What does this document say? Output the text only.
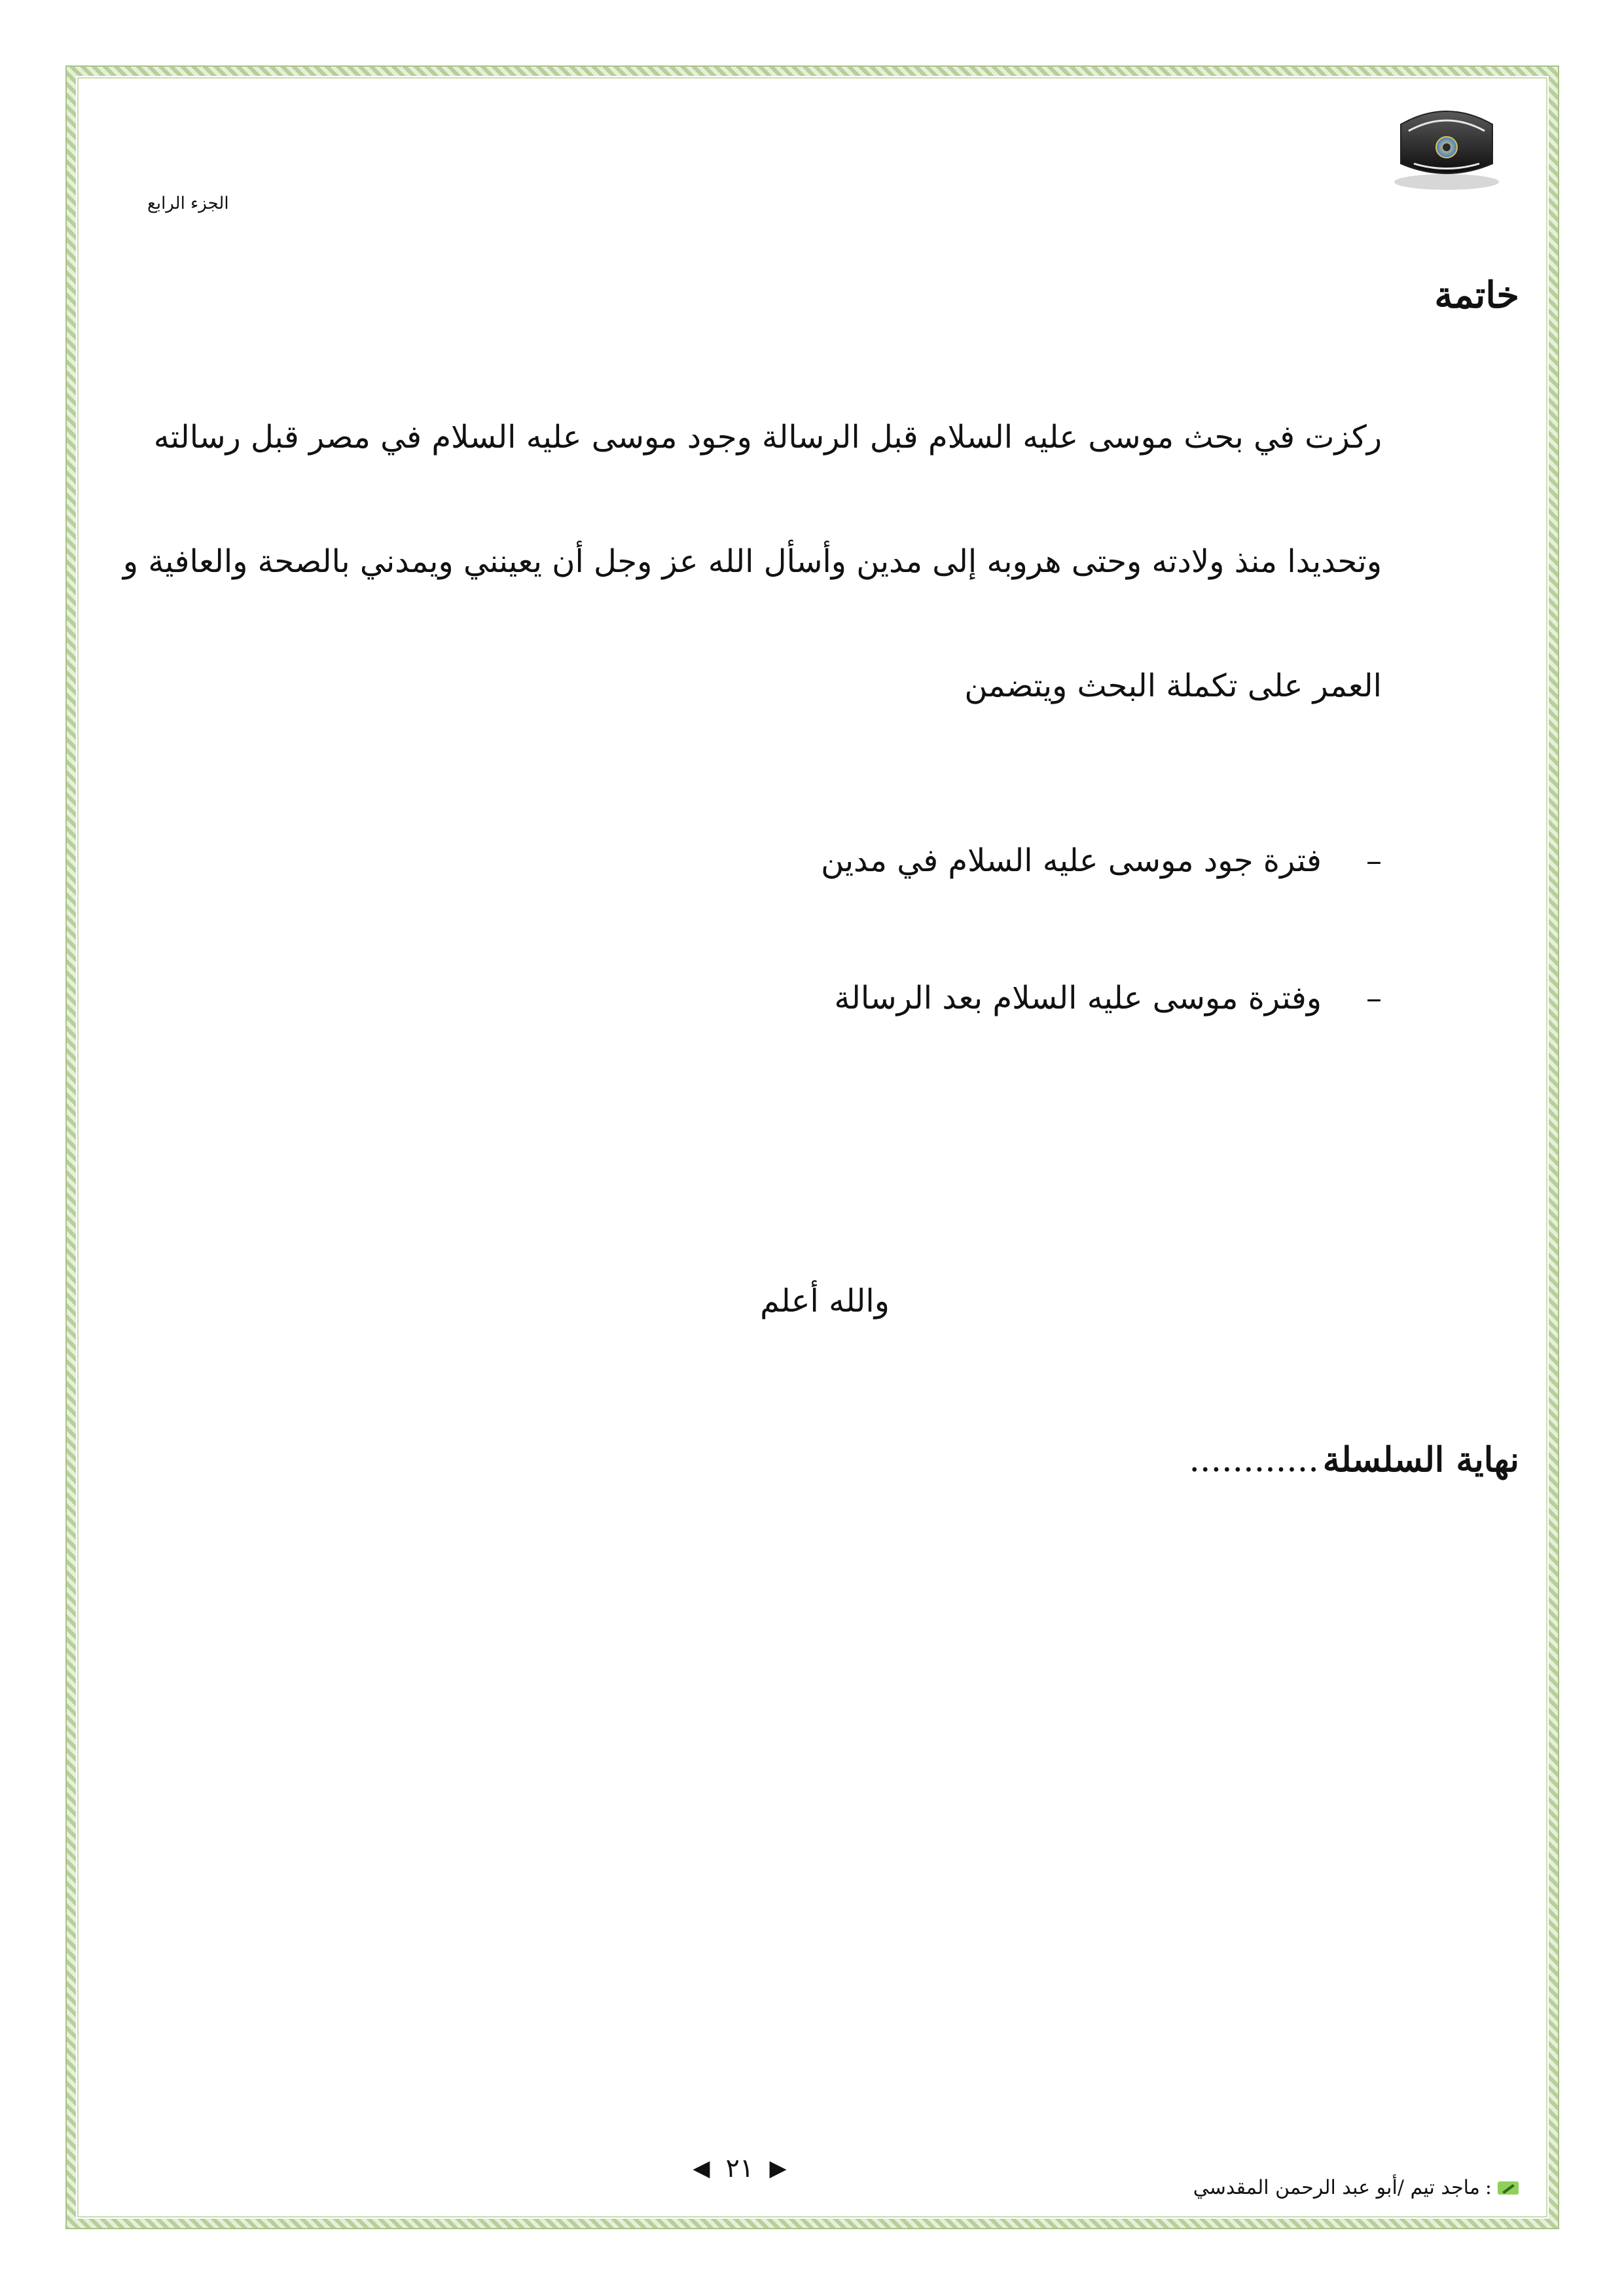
الجزء الرابع
خاتمة
ركزت في بحث موسى عليه السلام قبل الرسالة وجود موسى عليه السلام في مصر قبل رسالته
وتحديدا منذ ولادته وحتى هروبه إلى مدين وأسأل الله عز وجل أن يعينني ويمدني بالصحة والعافية و
العمر على تكملة البحث ويتضمن
–
فترة جود موسى عليه السلام في مدين
–
وفترة موسى عليه السلام بعد الرسالة
والله أعلم
نهاية السلسلة............
◀ ٢١ ▶
:
ماجد تيم /أبو عبد الرحمن المقدسي
